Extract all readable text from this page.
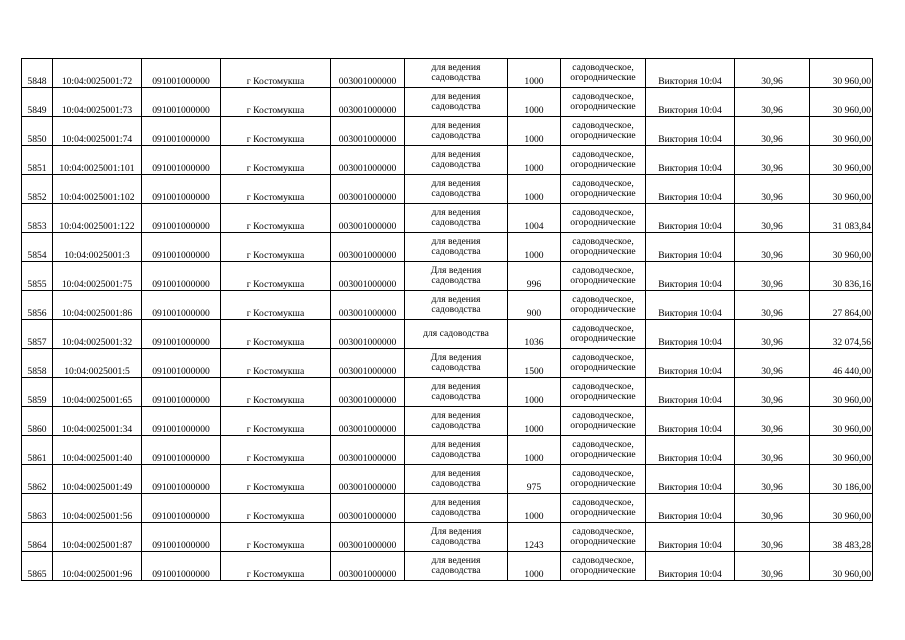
5848	10:04:0025001:72	091001000000	г Костомукша	003001000000	для ведения
садоводства	1000	садоводческое,
огороднические	Виктория 10:04	30,96	30 960,00

5849	10:04:0025001:73	091001000000	г Костомукша	003001000000	для ведения
садоводства	1000	садоводческое,
огороднические	Виктория 10:04	30,96	30 960,00

5850	10:04:0025001:74	091001000000	г Костомукша	003001000000	для ведения
садоводства	1000	садоводческое,
огороднические	Виктория 10:04	30,96	30 960,00

5851	10:04:0025001:101	091001000000	г Костомукша	003001000000	для ведения
садоводства	1000	садоводческое,
огороднические	Виктория 10:04	30,96	30 960,00

5852	10:04:0025001:102	091001000000	г Костомукша	003001000000	для ведения
садоводства	1000	садоводческое,
огороднические	Виктория 10:04	30,96	30 960,00

5853	10:04:0025001:122	091001000000	г Костомукша	003001000000	для ведения
садоводства	1004	садоводческое,
огороднические	Виктория 10:04	30,96	31 083,84

5854	10:04:0025001:3	091001000000	г Костомукша	003001000000	для ведения
садоводства	1000	садоводческое,
огороднические	Виктория 10:04	30,96	30 960,00

5855	10:04:0025001:75	091001000000	г Костомукша	003001000000	Для ведения
садоводства	996	садоводческое,
огороднические	Виктория 10:04	30,96	30 836,16

5856	10:04:0025001:86	091001000000	г Костомукша	003001000000	для ведения
садоводства	900	садоводческое,
огороднические	Виктория 10:04	30,96	27 864,00

5857	10:04:0025001:32	091001000000	г Костомукша	003001000000	для садоводства	1036	садоводческое,
огороднические	Виктория 10:04	30,96	32 074,56

5858	10:04:0025001:5	091001000000	г Костомукша	003001000000	Для ведения
садоводства	1500	садоводческое,
огороднические	Виктория 10:04	30,96	46 440,00

5859	10:04:0025001:65	091001000000	г Костомукша	003001000000	для ведения
садоводства	1000	садоводческое,
огороднические	Виктория 10:04	30,96	30 960,00

5860	10:04:0025001:34	091001000000	г Костомукша	003001000000	для ведения
садоводства	1000	садоводческое,
огороднические	Виктория 10:04	30,96	30 960,00

5861	10:04:0025001:40	091001000000	г Костомукша	003001000000	для ведения
садоводства	1000	садоводческое,
огороднические	Виктория 10:04	30,96	30 960,00

5862	10:04:0025001:49	091001000000	г Костомукша	003001000000	для ведения
садоводства	975	садоводческое,
огороднические	Виктория 10:04	30,96	30 186,00

5863	10:04:0025001:56	091001000000	г Костомукша	003001000000	для ведения
садоводства	1000	садоводческое,
огороднические	Виктория 10:04	30,96	30 960,00

5864	10:04:0025001:87	091001000000	г Костомукша	003001000000	Для ведения
садоводства	1243	садоводческое,
огороднические	Виктория 10:04	30,96	38 483,28

5865	10:04:0025001:96	091001000000	г Костомукша	003001000000	для ведения
садоводства	1000	садоводческое,
огороднические	Виктория 10:04	30,96	30 960,00
